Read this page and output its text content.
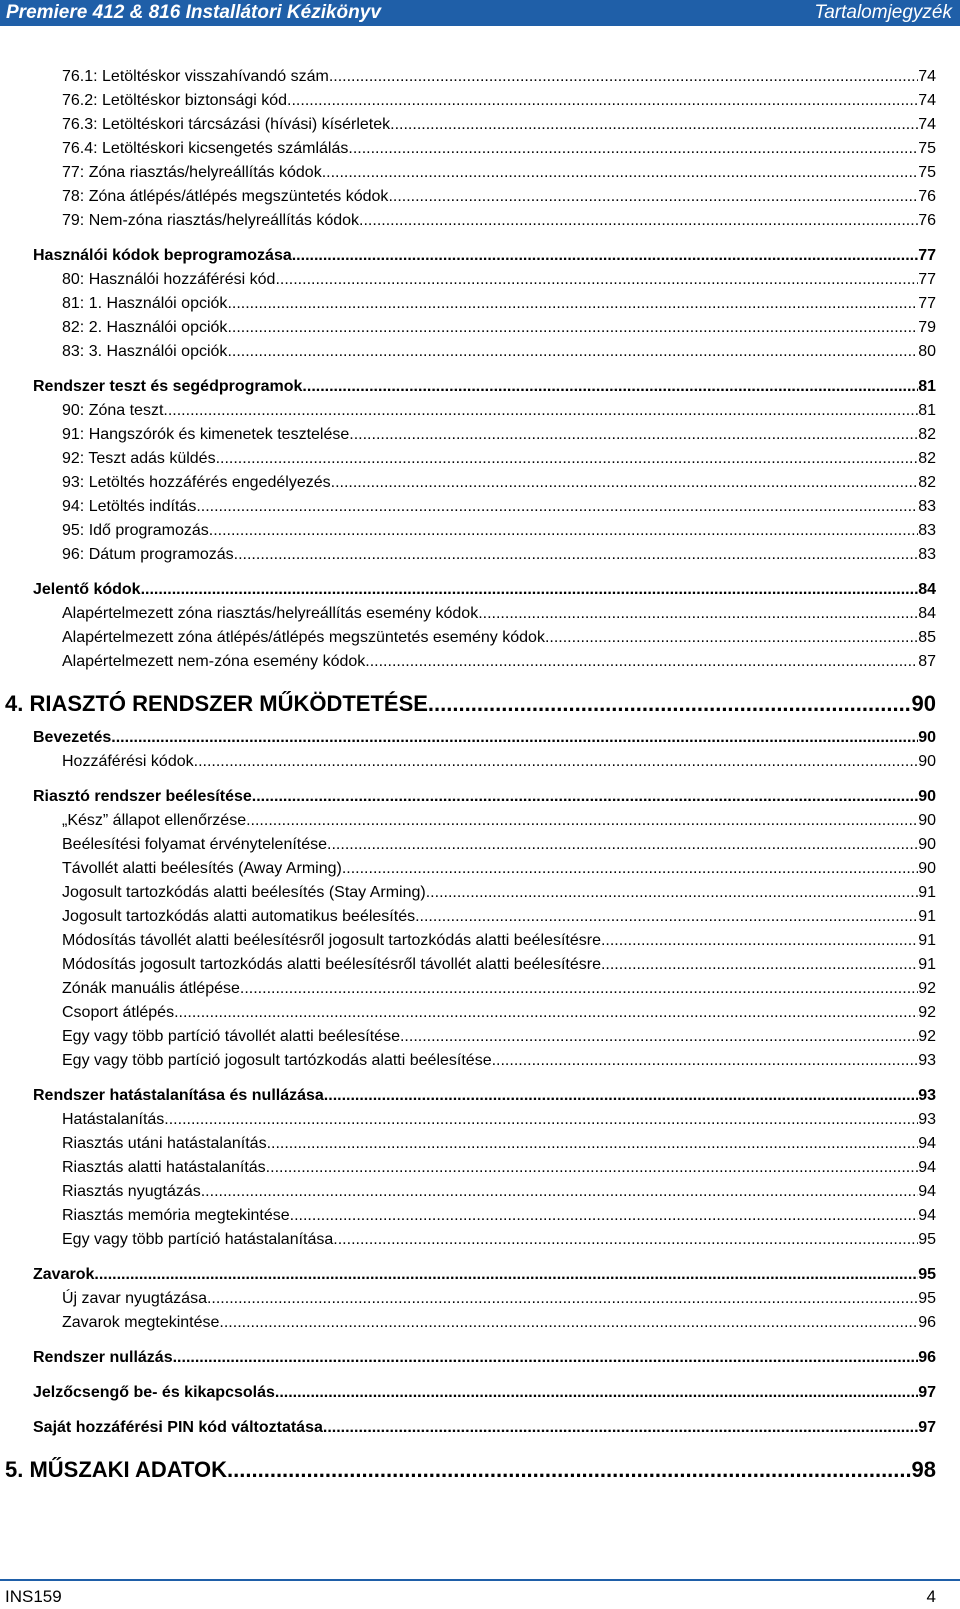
Premiere 412 & 816 Installátori Kézikönyv	Tartalomjegyzék
76.1: Letöltéskor visszahívandó szám .....	74
76.2: Letöltéskor biztonsági kód .....	74
76.3: Letöltéskori tárcsázási (hívási) kísérletek .....	74
76.4: Letöltéskori kicsengetés számlálás .....	75
77: Zóna riasztás/helyreállítás kódok .....	75
78: Zóna átlépés/átlépés megszüntetés kódok .....	76
79: Nem-zóna riasztás/helyreállítás kódok .....	76
Használói kódok beprogramozása .....	77
80: Használói hozzáférési kód .....	77
81: 1. Használói opciók .....	77
82: 2. Használói opciók .....	79
83: 3. Használói opciók .....	80
Rendszer teszt és segédprogramok .....	81
90: Zóna teszt .....	81
91: Hangszórók és kimenetek tesztelése .....	82
92: Teszt adás küldés .....	82
93: Letöltés hozzáférés engedélyezés .....	82
94: Letöltés indítás .....	83
95: Idő programozás .....	83
96: Dátum programozás .....	83
Jelentő kódok .....	84
Alapértelmezett zóna riasztás/helyreállítás esemény kódok .....	84
Alapértelmezett zóna átlépés/átlépés megszüntetés esemény kódok .....	85
Alapértelmezett nem-zóna esemény kódok .....	87
4. RIASZTÓ RENDSZER MŰKÖDTETÉSE .....	90
Bevezetés .....	90
Hozzáférési kódok .....	90
Riasztó rendszer beélesítése .....	90
„Kész” állapot ellenőrzése .....	90
Beélesítési folyamat érvénytelenítése .....	90
Távollét alatti beélesítés (Away Arming) .....	90
Jogosult tartozkódás alatti beélesítés (Stay Arming) .....	91
Jogosult tartozkódás alatti automatikus beélesítés .....	91
Módosítás távollét alatti beélesítésről jogosult tartozkódás alatti beélesítésre .....	91
Módosítás jogosult tartozkódás alatti beélesítésről távollét alatti beélesítésre .....	91
Zónák manuális átlépése .....	92
Csoport átlépés .....	92
Egy vagy több partíció távollét alatti beélesítése .....	92
Egy vagy több partíció jogosult tartózkodás alatti beélesítése .....	93
Rendszer hatástalanítása és nullázása .....	93
Hatástalanítás .....	93
Riasztás utáni hatástalanítás .....	94
Riasztás alatti hatástalanítás .....	94
Riasztás nyugtázás .....	94
Riasztás memória megtekintése .....	94
Egy vagy több partíció hatástalanítása .....	95
Zavarok .....	95
Új zavar nyugtázása .....	95
Zavarok megtekintése .....	96
Rendszer nullázás .....	96
Jelzőcsengő be- és kikapcsolás .....	97
Saját hozzáférési PIN kód változtatása .....	97
5. MŰSZAKI ADATOK .....	98
INS159	4
